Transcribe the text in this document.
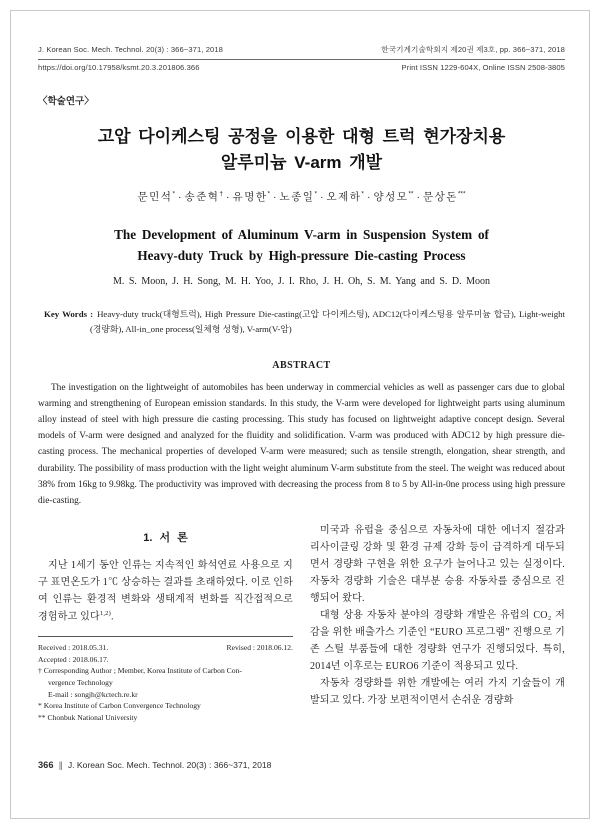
J. Korean Soc. Mech. Technol. 20(3) : 366~371, 2018	한국기계기술학회지 제20권 제3호, pp. 366~371, 2018
https://doi.org/10.17958/ksmt.20.3.201806.366	Print ISSN 1229-604X, Online ISSN 2508-3805
〈학술연구〉
고압 다이케스팅 공정을 이용한 대형 트럭 현가장치용
알루미늄 V-arm 개발
문민석* · 송준혁† · 유명한* · 노종일* · 오제하* · 양성모** · 문상돈***
The Development of Aluminum V-arm in Suspension System of
Heavy-duty Truck by High-pressure Die-casting Process
M. S. Moon, J. H. Song, M. H. Yoo, J. I. Rho, J. H. Oh, S. M. Yang and S. D. Moon
Key Words : Heavy-duty truck(대형트럭), High Pressure Die-casting(고압 다이케스팅), ADC12(다이케스팅용 알루미늄 합금), Light-weight (경량화), All-in_one process(일체형 성형), V-arm(V-암)
ABSTRACT
The investigation on the lightweight of automobiles has been underway in commercial vehicles as well as passenger cars due to global warming and strengthening of European emission standards. In this study, the V-arm were developed for lightweight parts using aluminum alloy instead of steel with high pressure die casting processing. This study has focused on lightweight adaptive concept design. Several models of V-arm were designed and analyzed for the fluidity and solidification. V-arm was produced with ADC12 by high pressure die-casting process. The mechanical properties of developed V-arm were measured; such as tensile strength, elongation, shear strength, and durability. The possibility of mass production with the light weight aluminum V-arm substitute from the steel. The weight was reduced about 38% from 16kg to 9.98kg. The productivity was improved with decreasing the process from 8 to 5 by All-in-0ne process using high pressure die-casting.
1. 서 론

지난 1세기 동안 인류는 지속적인 화석연료 사용으로 지구 표면온도가 1℃ 상승하는 결과를 초래하였다. 이로 인하여 인류는 환경적 변화와 생태계적 변화를 직간접적으로 경험하고 있다$^{1,2)}$.

Received : 2018.05.31.	Revised : 2018.06.12.
Accepted : 2018.06.17.
† Corresponding Author ; Member, Korea Institute of Carbon Con-
vergence Technology
E-mail : songjh@kctech.re.kr
* Korea Institute of Carbon Convergence Technology
** Chonbuk National University

미국과 유럽을 중심으로 자동차에 대한 에너지 절감과 리사이클링 강화 및 환경 규제 강화 등이 급격하게 대두되면서 경량화 구현을 위한 요구가 늘어나고 있는 실정이다. 자동차 경량화 기술은 대부분 승용 자동차를 중심으로 진행되어 왔다.

대형 상용 자동차 분야의 경량화 개발은 유럽의 CO₂ 저감을 위한 배출가스 기준인 “EURO 프로그램” 진행으로 기존 스틸 부품들에 대한 경량화 연구가 진행되었다. 특히, 2014년 이후로는 EURO6 기준이 적용되고 있다.

자동차 경량화를 위한 개발에는 여러 가지 기술들이 개발되고 있다. 가장 보편적이면서 손쉬운 경량화

366 ∥ J. Korean Soc. Mech. Technol. 20(3) : 366~371, 2018
